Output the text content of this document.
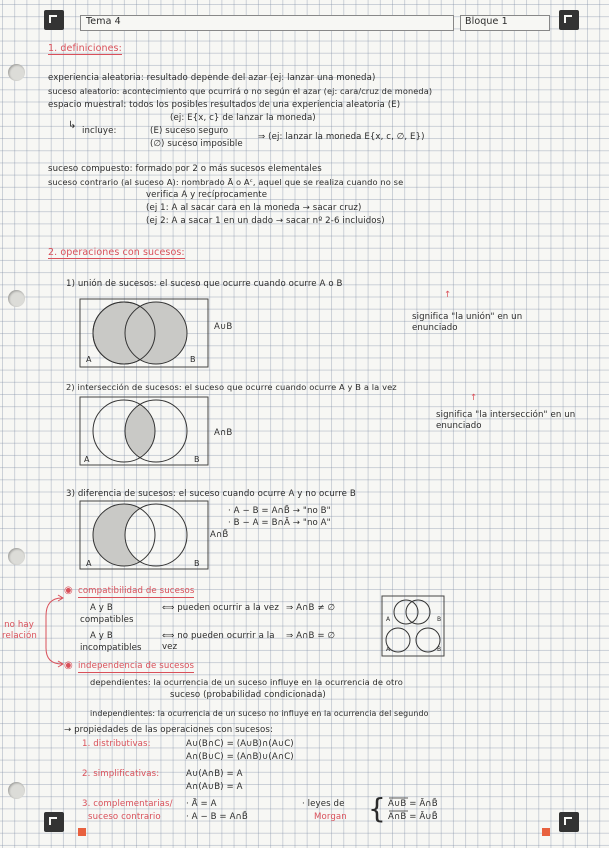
Tema 4	Bloque 1
1. definiciones:
experiencia aleatoria: resultado depende del azar (ej: lanzar una moneda)
suceso aleatorio: acontecimiento que ocurrirá o no según el azar (ej: cara/cruz de moneda)
espacio muestral: todos los posibles resultados de una experiencia aleatoria (E)
(ej: E{x, c} de lanzar la moneda)
↳ incluye:	(E) suceso seguro
(∅) suceso imposible
⇒ (ej: lanzar la moneda E{x, c, ∅, E})
suceso compuesto: formado por 2 o más sucesos elementales
suceso contrario (al suceso A): nombrado Ā o Aᶜ, aquel que se realiza cuando no se
verifica A y recíprocamente
(ej 1: A al sacar cara en la moneda → sacar cruz)
(ej 2: A a sacar 1 en un dado → sacar nº 2-6 incluidos)
2. operaciones con sucesos:
1) unión de sucesos: el suceso que ocurre cuando ocurre A o B
↑
significa "la unión" en un enunciado
A	B
A∪B
2) intersección de sucesos: el suceso que ocurre cuando ocurre A y B a la vez
↑
significa "la intersección" en un enunciado
A	B
A∩B
3) diferencia de sucesos: el suceso cuando ocurre A y no ocurre B
· A − B = A∩B̄ → "no B"
· B − A = B∩Ā → "no A"
A	B
A∩B̄
◉ compatibilidad de sucesos
no hay relación
A y B
compatibles
⟺ pueden ocurrir a la vez ⇒ A∩B ≠ ∅
A y B
incompatibles
⟺ no pueden ocurrir a la vez
⇒ A∩B = ∅
A	B
A	B
◉ independencia de sucesos
dependientes: la ocurrencia de un suceso influye en la ocurrencia de otro
suceso (probabilidad condicionada)
independientes: la ocurrencia de un suceso no influye en la ocurrencia del segundo
→ propiedades de las operaciones con sucesos:
1. distributivas:	A∪(B∩C) = (A∪B)∩(A∪C)
A∩(B∪C) = (A∩B)∪(A∩C)
2. simplificativas:	A∪(A∩B) = A
A∩(A∪B) = A
3. complementarias/
suceso contrario
· Ā̄ = A
· A − B = A∩B̄
· leyes de
Morgan { A∪B = Ā∩B̄
A∩B = Ā∪B̄
